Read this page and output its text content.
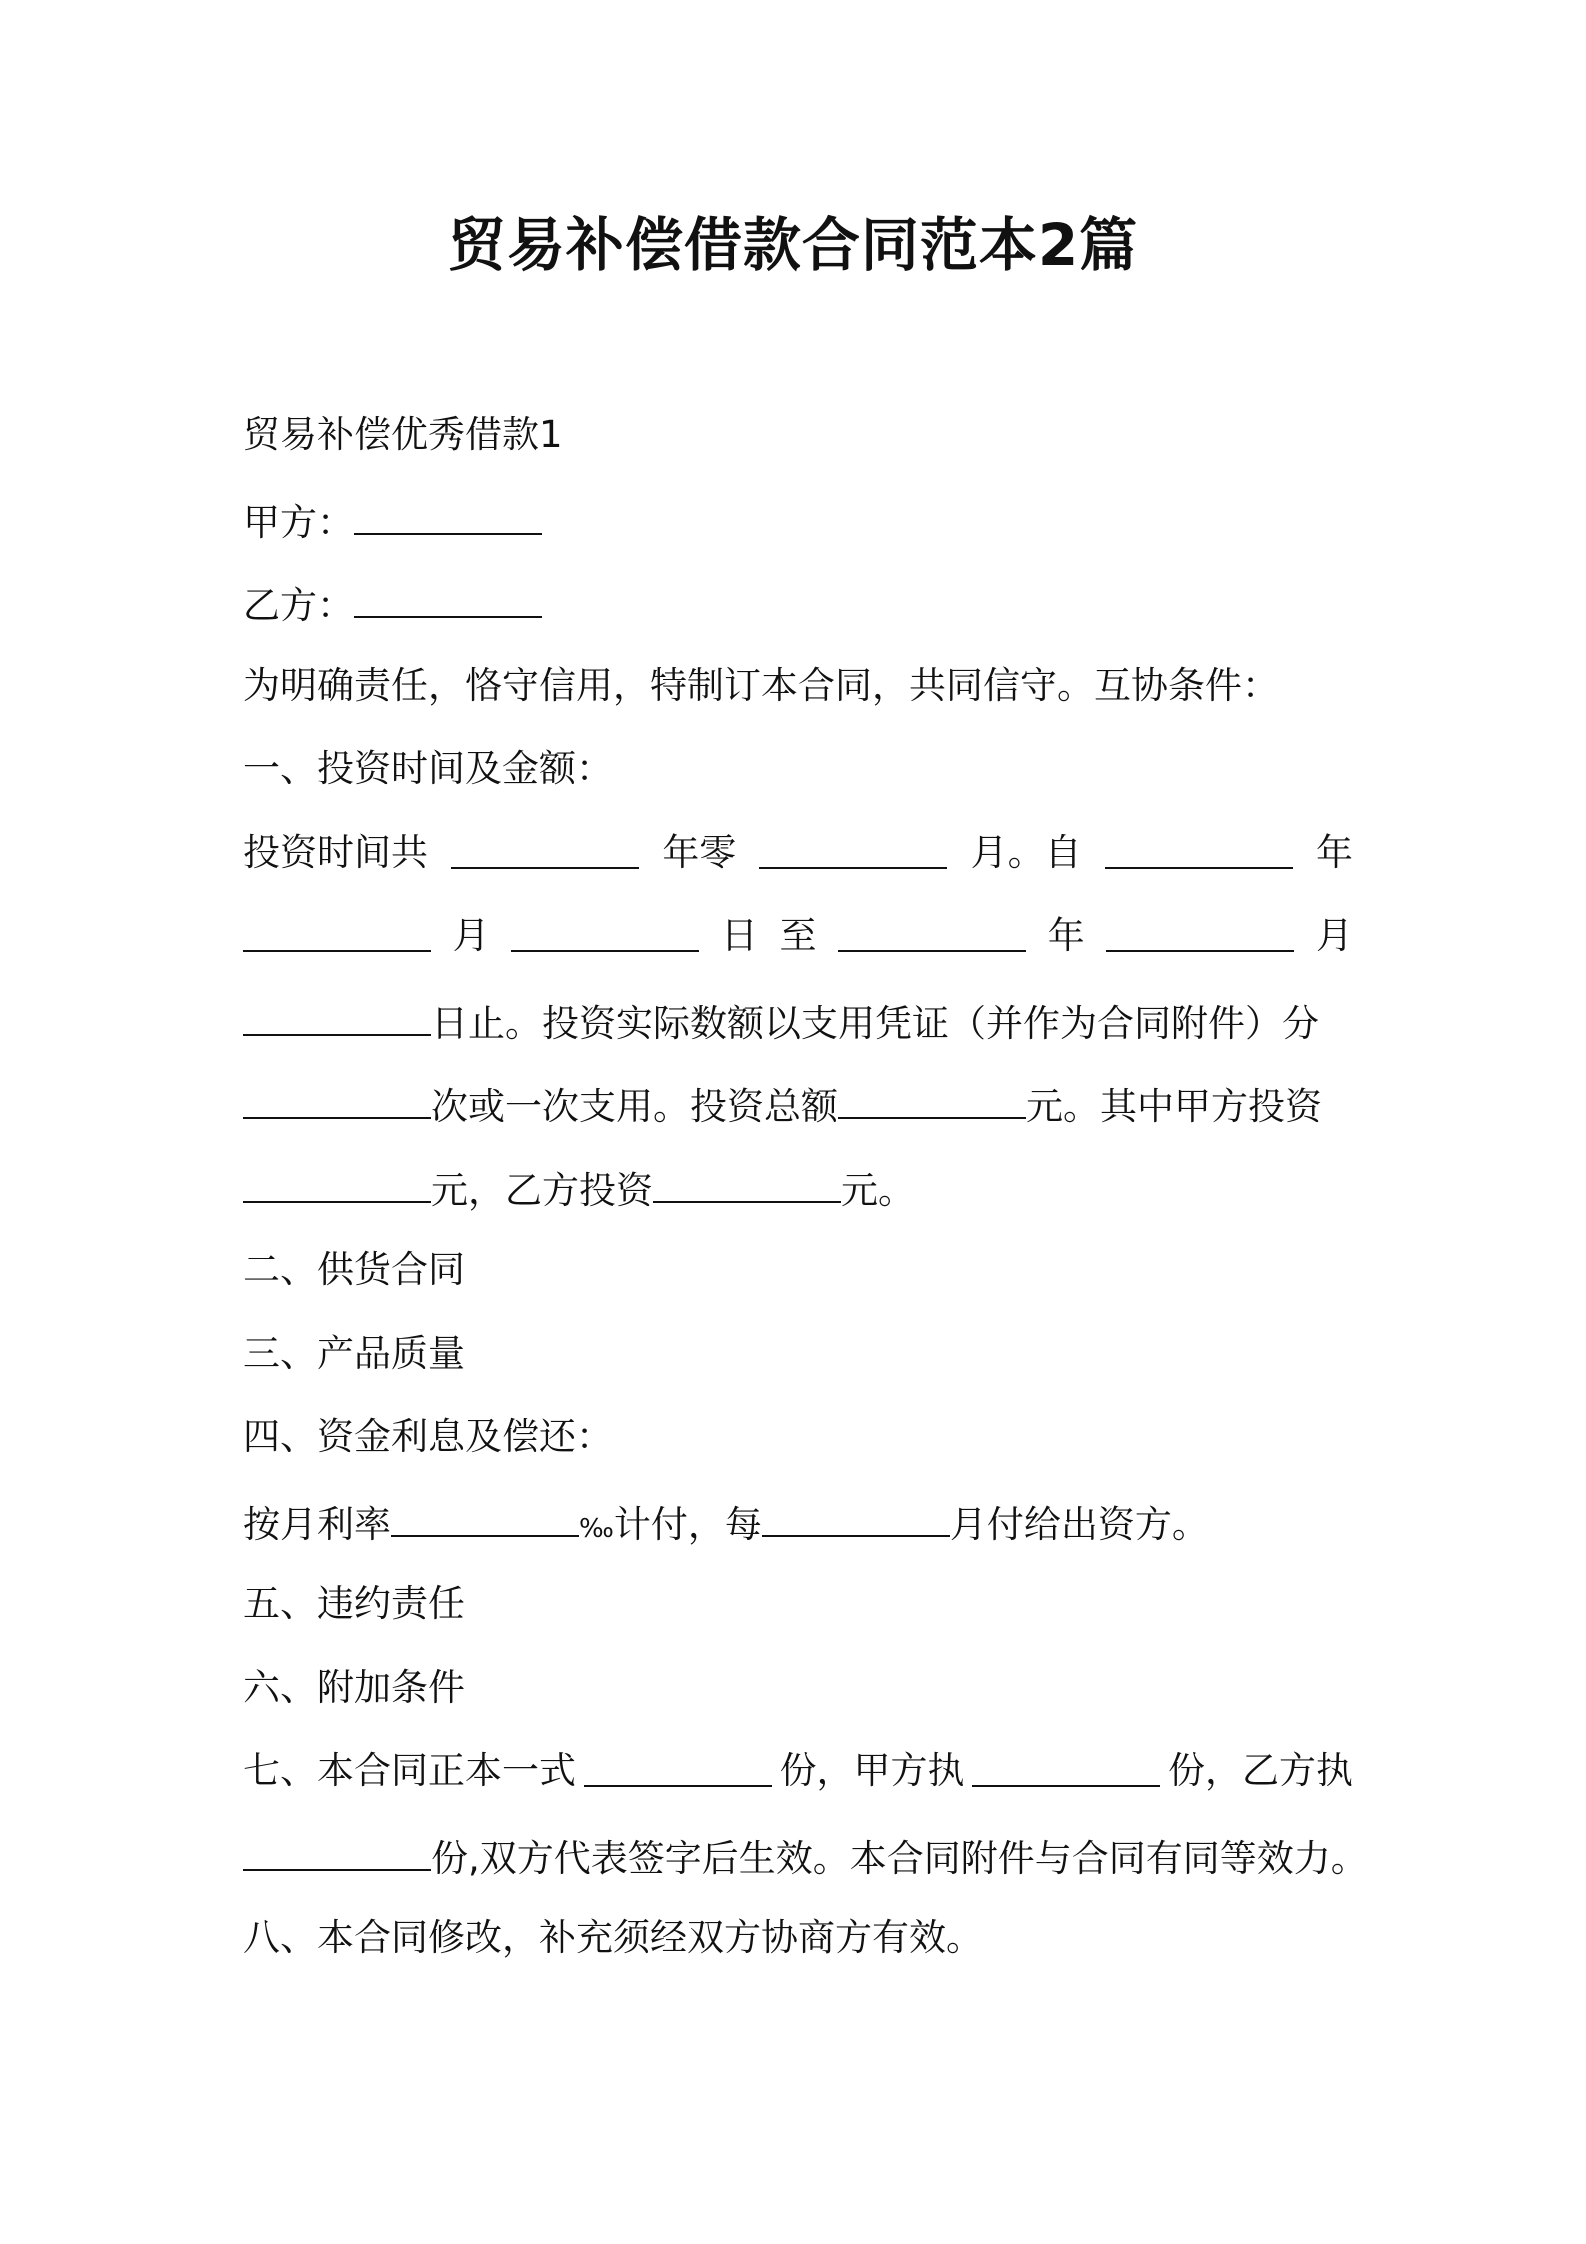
贸易补偿借款合同范本2篇
贸易补偿优秀借款1
甲方：
乙方：
为明确责任，恪守信用，特制订本合同，共同信守。互协条件：
一、投资时间及金额：
投资时间共	年零	月。自	年
月	日 至	年	月
日止。投资实际数额以支用凭证（并作为合同附件）分
次或一次支用。投资总额	元。其中甲方投资
元，乙方投资	元。
二、供货合同
三、产品质量
四、资金利息及偿还：
按月利率	‰计付，每	月付给出资方。
五、违约责任
六、附加条件
七、本合同正本一式	份，甲方执	份，乙方执
份,双方代表签字后生效。本合同附件与合同有同等效力。
八、本合同修改，补充须经双方协商方有效。
